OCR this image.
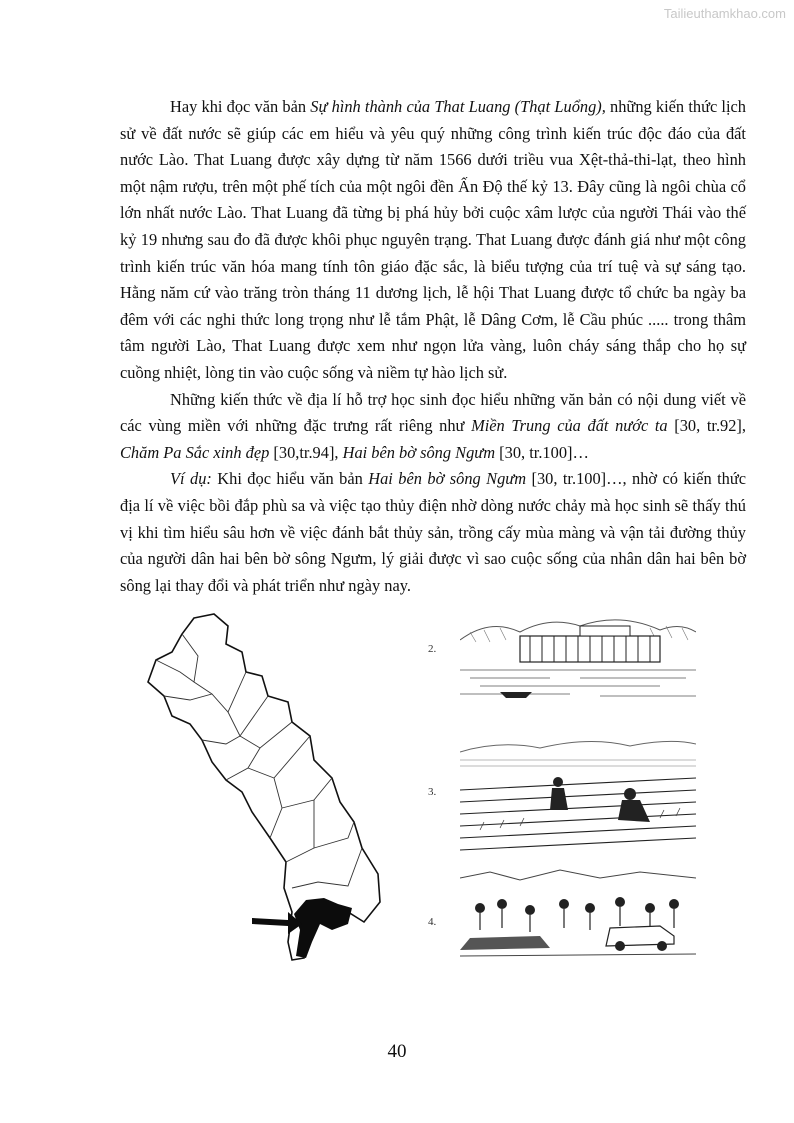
Tailieuthamkhao.com

Hay khi đọc văn bản Sự hình thành của That Luang (Thạt Luổng), những kiến thức lịch sử về đất nước sẽ giúp các em hiểu và yêu quý những công trình kiến trúc độc đáo của đất nước Lào. That Luang được xây dựng từ năm 1566 dưới triều vua Xệt-thả-thi-lạt, theo hình một nậm rượu, trên một phế tích của một ngôi đền Ấn Độ thế kỷ 13. Đây cũng là ngôi chùa cổ lớn nhất nước Lào. That Luang đã từng bị phá hủy bởi cuộc xâm lược của người Thái vào thế kỷ 19 nhưng sau đo đã được khôi phục nguyên trạng. That Luang được đánh giá như một công trình kiến trúc văn hóa mang tính tôn giáo đặc sắc, là biểu tượng của trí tuệ và sự sáng tạo. Hằng năm cứ vào trăng tròn tháng 11 dương lịch, lễ hội That Luang được tổ chức ba ngày ba đêm với các nghi thức long trọng như lễ tắm Phật, lễ Dâng Cơm, lễ Cầu phúc ..... trong thâm tâm người Lào, That Luang được xem như ngọn lửa vàng, luôn cháy sáng thắp cho họ sự cuồng nhiệt, lòng tin vào cuộc sống và niềm tự hào lịch sử.

Những kiến thức về địa lí hỗ trợ học sinh đọc hiểu những văn bản có nội dung viết về các vùng miền với những đặc trưng rất riêng như Miền Trung của đất nước ta [30, tr.92], Chăm Pa Sắc xinh đẹp [30,tr.94], Hai bên bờ sông Ngưm [30, tr.100]…

Ví dụ: Khi đọc hiểu văn bản Hai bên bờ sông Ngưm [30, tr.100]…, nhờ có kiến thức địa lí về việc bồi đắp phù sa và việc tạo thủy điện nhờ dòng nước chảy mà học sinh sẽ thấy thú vị khi tìm hiểu sâu hơn về việc đánh bắt thủy sản, trồng cấy mùa màng và vận tải đường thủy của người dân hai bên bờ sông Ngưm, lý giải được vì sao cuộc sống của nhân dân hai bên bờ sông lại thay đổi và phát triển như ngày nay.

2.
3.
4.
40
